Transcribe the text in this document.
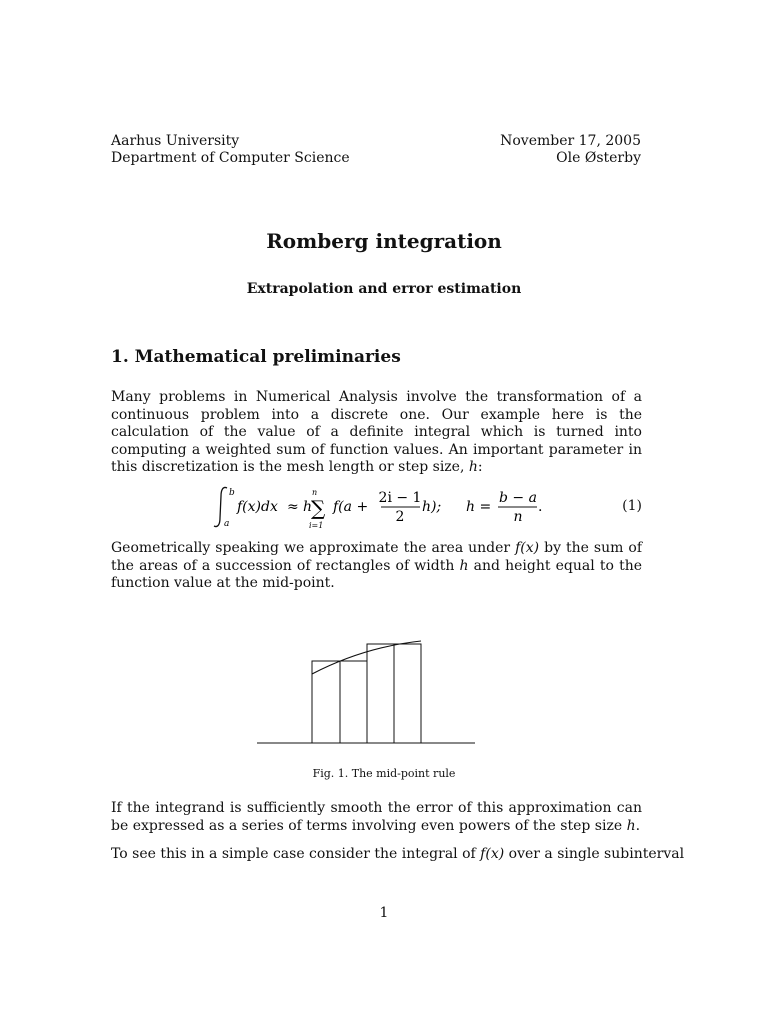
Aarhus University
Department of Computer Science
November 17, 2005
Ole Østerby
Romberg integration
Extrapolation and error estimation
1. Mathematical preliminaries
Many problems in Numerical Analysis involve the transformation of a continuous problem into a discrete one. Our example here is the calculation of the value of a definite integral which is turned into computing a weighted sum of function values. An important parameter in this discretization is the mesh length or step size, h:
b
a
f(x)dx ≈ h
n
∑
i=1
f(a +
2i − 1
2
h); h =
b − a
n
.	(1)
Geometrically speaking we approximate the area under f(x) by the sum of the areas of a succession of rectangles of width h and height equal to the function value at the mid-point.
Fig. 1. The mid-point rule
If the integrand is sufficiently smooth the error of this approximation can be expressed as a series of terms involving even powers of the step size h.
To see this in a simple case consider the integral of f(x) over a single subinterval
1
